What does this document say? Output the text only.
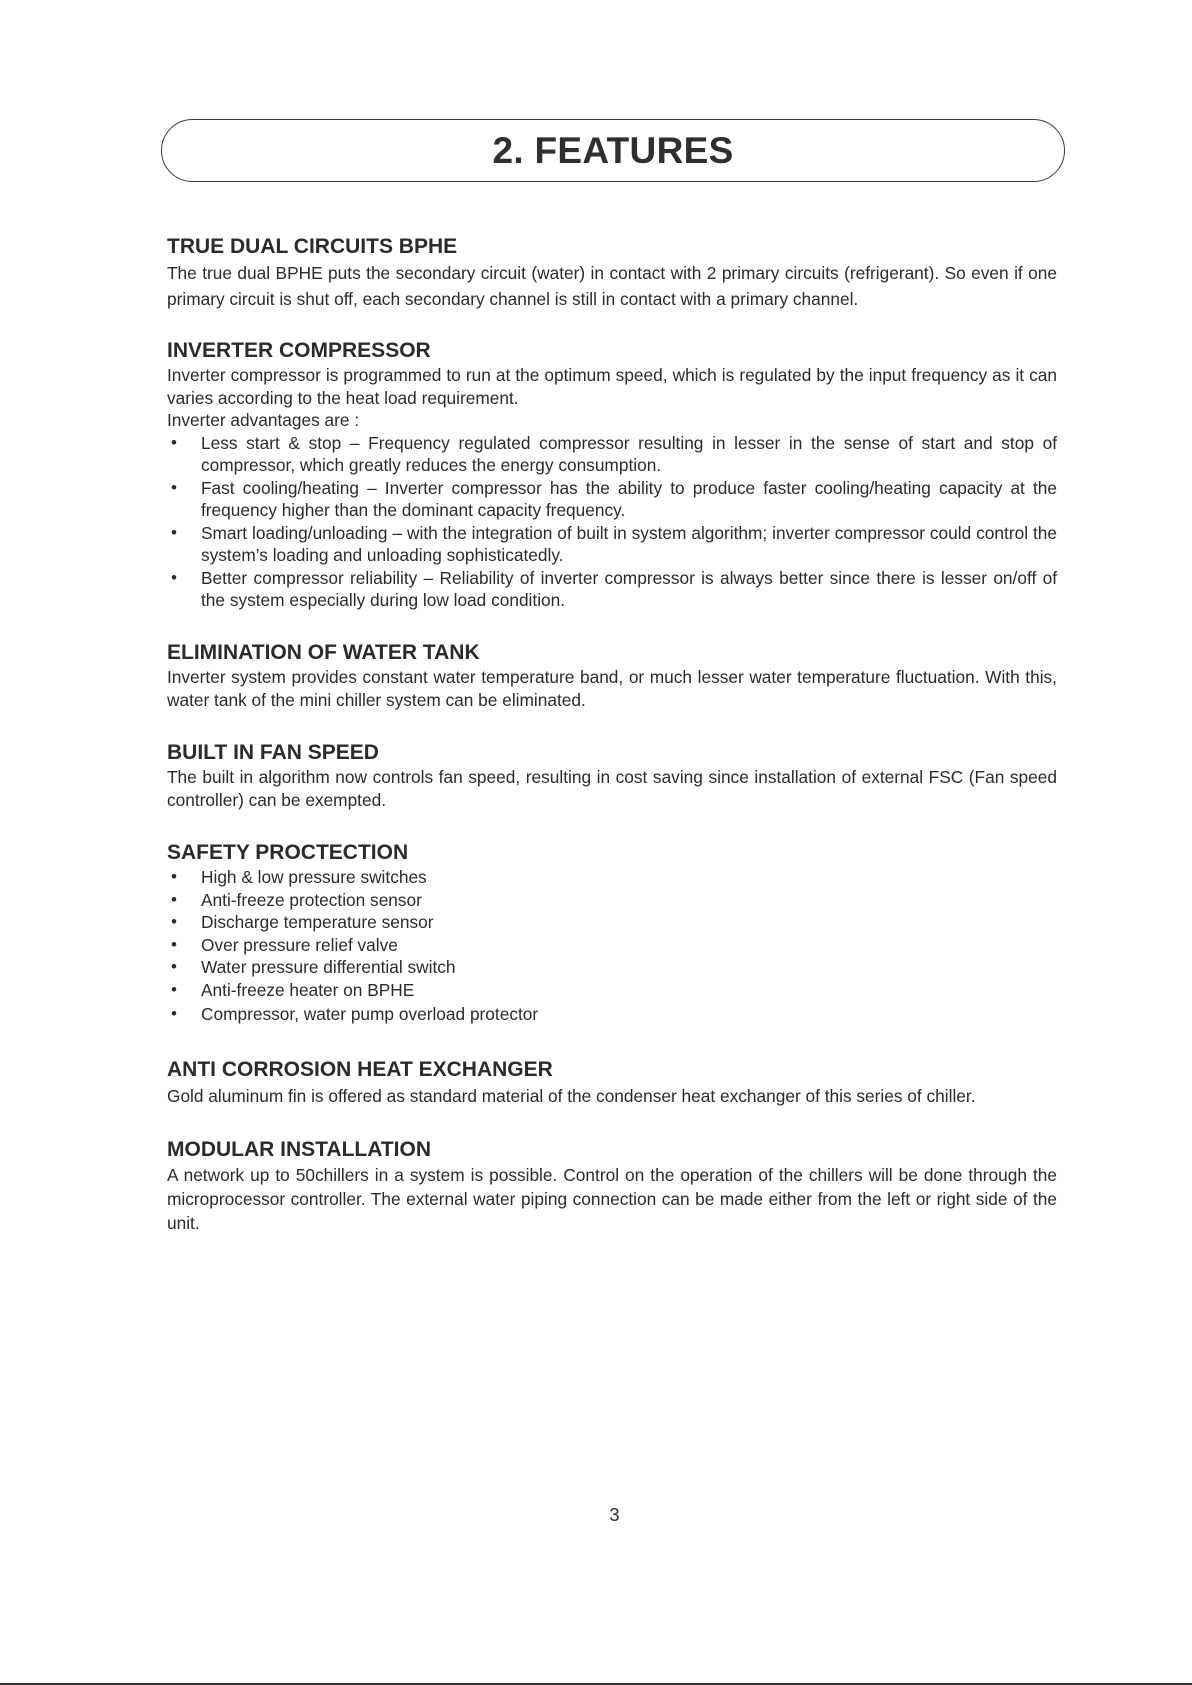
2. FEATURES
TRUE DUAL CIRCUITS BPHE

The true dual BPHE puts the secondary circuit (water) in contact with 2 primary circuits (refrigerant). So even if one primary circuit is shut off, each secondary channel is still in contact with a primary channel.

INVERTER COMPRESSOR

Inverter compressor is programmed to run at the optimum speed, which is regulated by the input frequency as it can varies according to the heat load requirement.

Inverter advantages are :

• Less start & stop – Frequency regulated compressor resulting in lesser in the sense of start and stop of compressor, which greatly reduces the energy consumption.
• Fast cooling/heating – Inverter compressor has the ability to produce faster cooling/heating capacity at the frequency higher than the dominant capacity frequency.
• Smart loading/unloading – with the integration of built in system algorithm; inverter compressor could control the system’s loading and unloading sophisticatedly.
• Better compressor reliability – Reliability of inverter compressor is always better since there is lesser on/off of the system especially during low load condition.
ELIMINATION OF WATER TANK

Inverter system provides constant water temperature band, or much lesser water temperature fluctuation. With this, water tank of the mini chiller system can be eliminated.

BUILT IN FAN SPEED

The built in algorithm now controls fan speed, resulting in cost saving since installation of external FSC (Fan speed controller) can be exempted.

SAFETY PROCTECTION
• High & low pressure switches
• Anti-freeze protection sensor
• Discharge temperature sensor
• Over pressure relief valve
• Water pressure differential switch
• Anti-freeze heater on BPHE
• Compressor, water pump overload protector
ANTI CORROSION HEAT EXCHANGER

Gold aluminum fin is offered as standard material of the condenser heat exchanger of this series of chiller.

MODULAR INSTALLATION

A network up to 50chillers in a system is possible. Control on the operation of the chillers will be done through the microprocessor controller. The external water piping connection can be made either from the left or right side of the unit.

3
